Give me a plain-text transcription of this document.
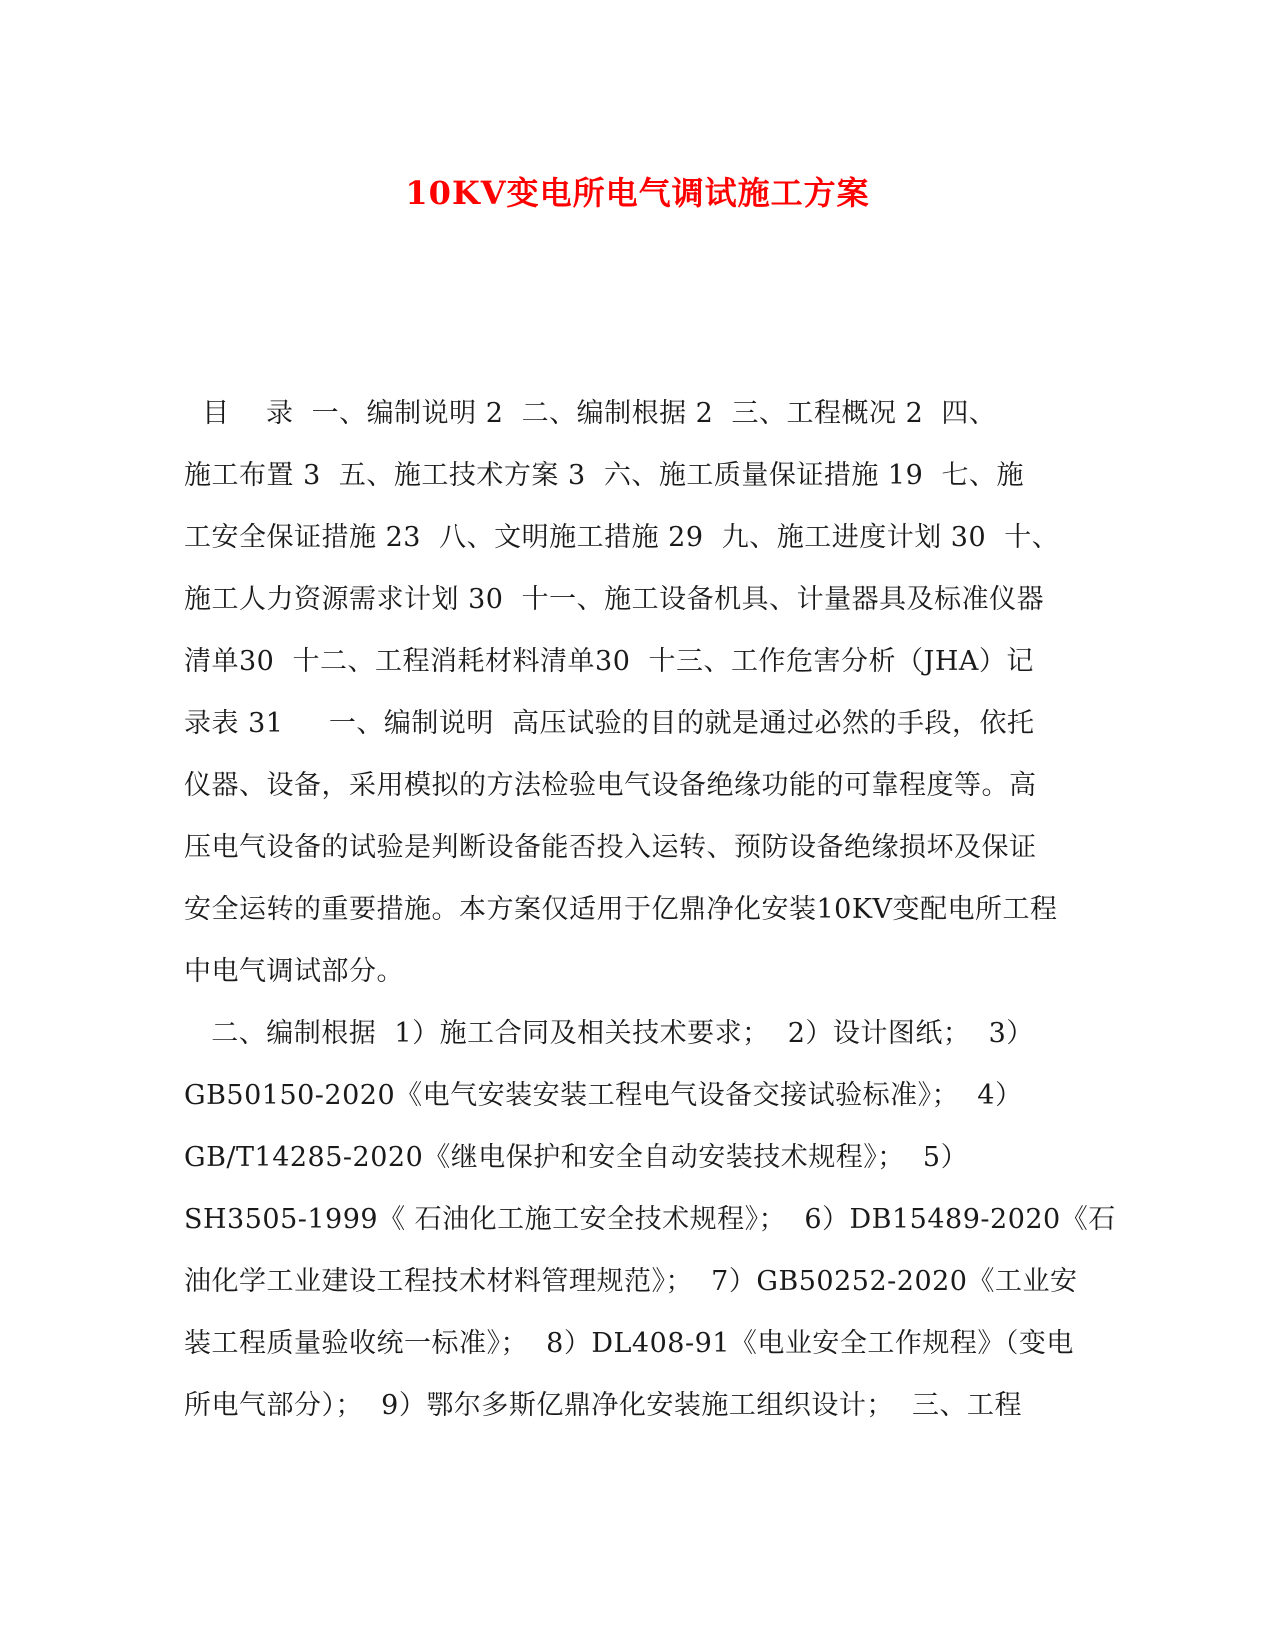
10KV变电所电气调试施工方案
目    录  一、编制说明 2  二、编制根据 2  三、工程概况 2  四、
施工布置 3  五、施工技术方案 3  六、施工质量保证措施 19  七、施
工安全保证措施 23  八、文明施工措施 29  九、施工进度计划 30  十、
施工人力资源需求计划 30  十一、施工设备机具、计量器具及标准仪器
清单30  十二、工程消耗材料清单30  十三、工作危害分析（JHA）记
录表 31     一、编制说明  高压试验的目的就是通过必然的手段，依托
仪器、设备，采用模拟的方法检验电气设备绝缘功能的可靠程度等。高
压电气设备的试验是判断设备能否投入运转、预防设备绝缘损坏及保证
安全运转的重要措施。本方案仅适用于亿鼎净化安装10KV变配电所工程
中电气调试部分。
二、编制根据  1）施工合同及相关技术要求；  2）设计图纸；  3）
GB50150-2020《电气安装安装工程电气设备交接试验标准》；  4）
GB/T14285-2020《继电保护和安全自动安装技术规程》；  5）
SH3505-1999《 石油化工施工安全技术规程》；  6）DB15489-2020《石
油化学工业建设工程技术材料管理规范》；  7）GB50252-2020《工业安
装工程质量验收统一标准》；  8）DL408-91《电业安全工作规程》（变电
所电气部分）；  9）鄂尔多斯亿鼎净化安装施工组织设计；  三、工程
